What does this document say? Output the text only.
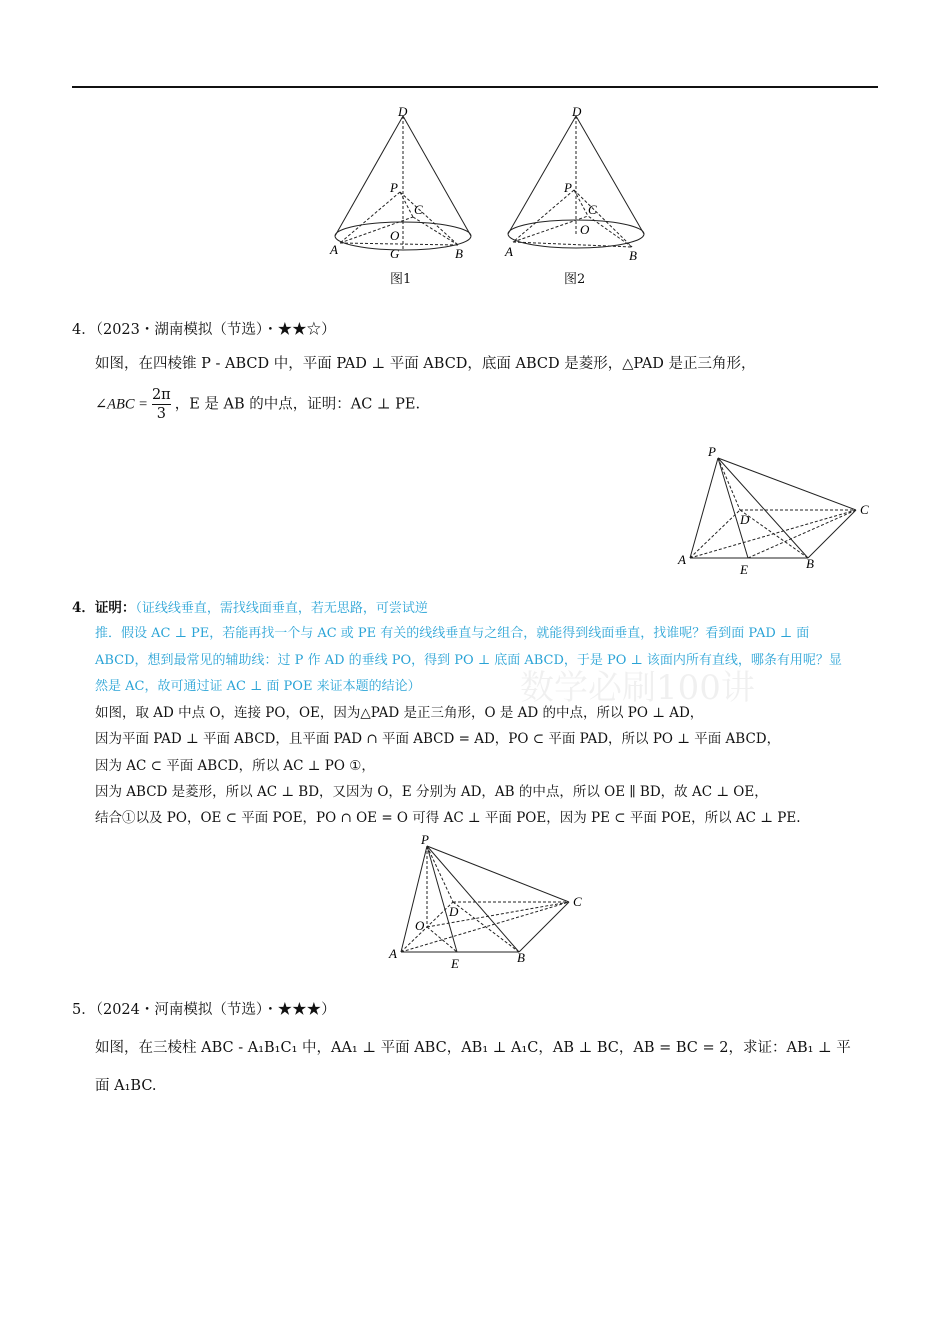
D
P
C
O
A	G	B
D
P
C
O
A	B
图1	图2
4．（2023・湖南模拟（节选）・★★☆）
如图，在四棱锥 P - ABCD 中，平面 PAD ⊥ 平面 ABCD，底面 ABCD 是菱形，△PAD 是正三角形，
∠ABC = $\frac{2\pi}{3}$ ，E 是 AB 的中点，证明：AC ⊥ PE.
P
C
D
A
E	B
4．证明：（证线线垂直，需找线面垂直，若无思路，可尝试逆
推．假设 AC ⊥ PE，若能再找一个与 AC 或 PE 有关的线线垂直与之组合，就能得到线面垂直，找谁呢？看到面 PAD ⊥ 面
ABCD，想到最常见的辅助线：过 P 作 AD 的垂线 PO，得到 PO ⊥ 底面 ABCD，于是 PO ⊥ 该面内所有直线，哪条有用呢？显
然是 AC，故可通过证 AC ⊥ 面 POE 来证本题的结论）	数学必刷100讲
如图，取 AD 中点 O，连接 PO，OE，因为△PAD 是正三角形，O 是 AD 的中点，所以 PO ⊥ AD，
因为平面 PAD ⊥ 平面 ABCD，且平面 PAD ∩ 平面 ABCD = AD，PO ⊂ 平面 PAD，所以 PO ⊥ 平面 ABCD，
因为 AC ⊂ 平面 ABCD，所以 AC ⊥ PO ①，
因为 ABCD 是菱形，所以 AC ⊥ BD，又因为 O，E 分别为 AD，AB 的中点，所以 OE ∥ BD，故 AC ⊥ OE，
结合①以及 PO，OE ⊂ 平面 POE，PO ∩ OE = O 可得 AC ⊥ 平面 POE，因为 PE ⊂ 平面 POE，所以 AC ⊥ PE.
P
C
D
O
A
E	B
5．（2024・河南模拟（节选）・★★★）
如图，在三棱柱 ABC - A₁B₁C₁ 中，AA₁ ⊥ 平面 ABC，AB₁ ⊥ A₁C，AB ⊥ BC，AB = BC = 2，求证：AB₁ ⊥ 平
面 A₁BC.
